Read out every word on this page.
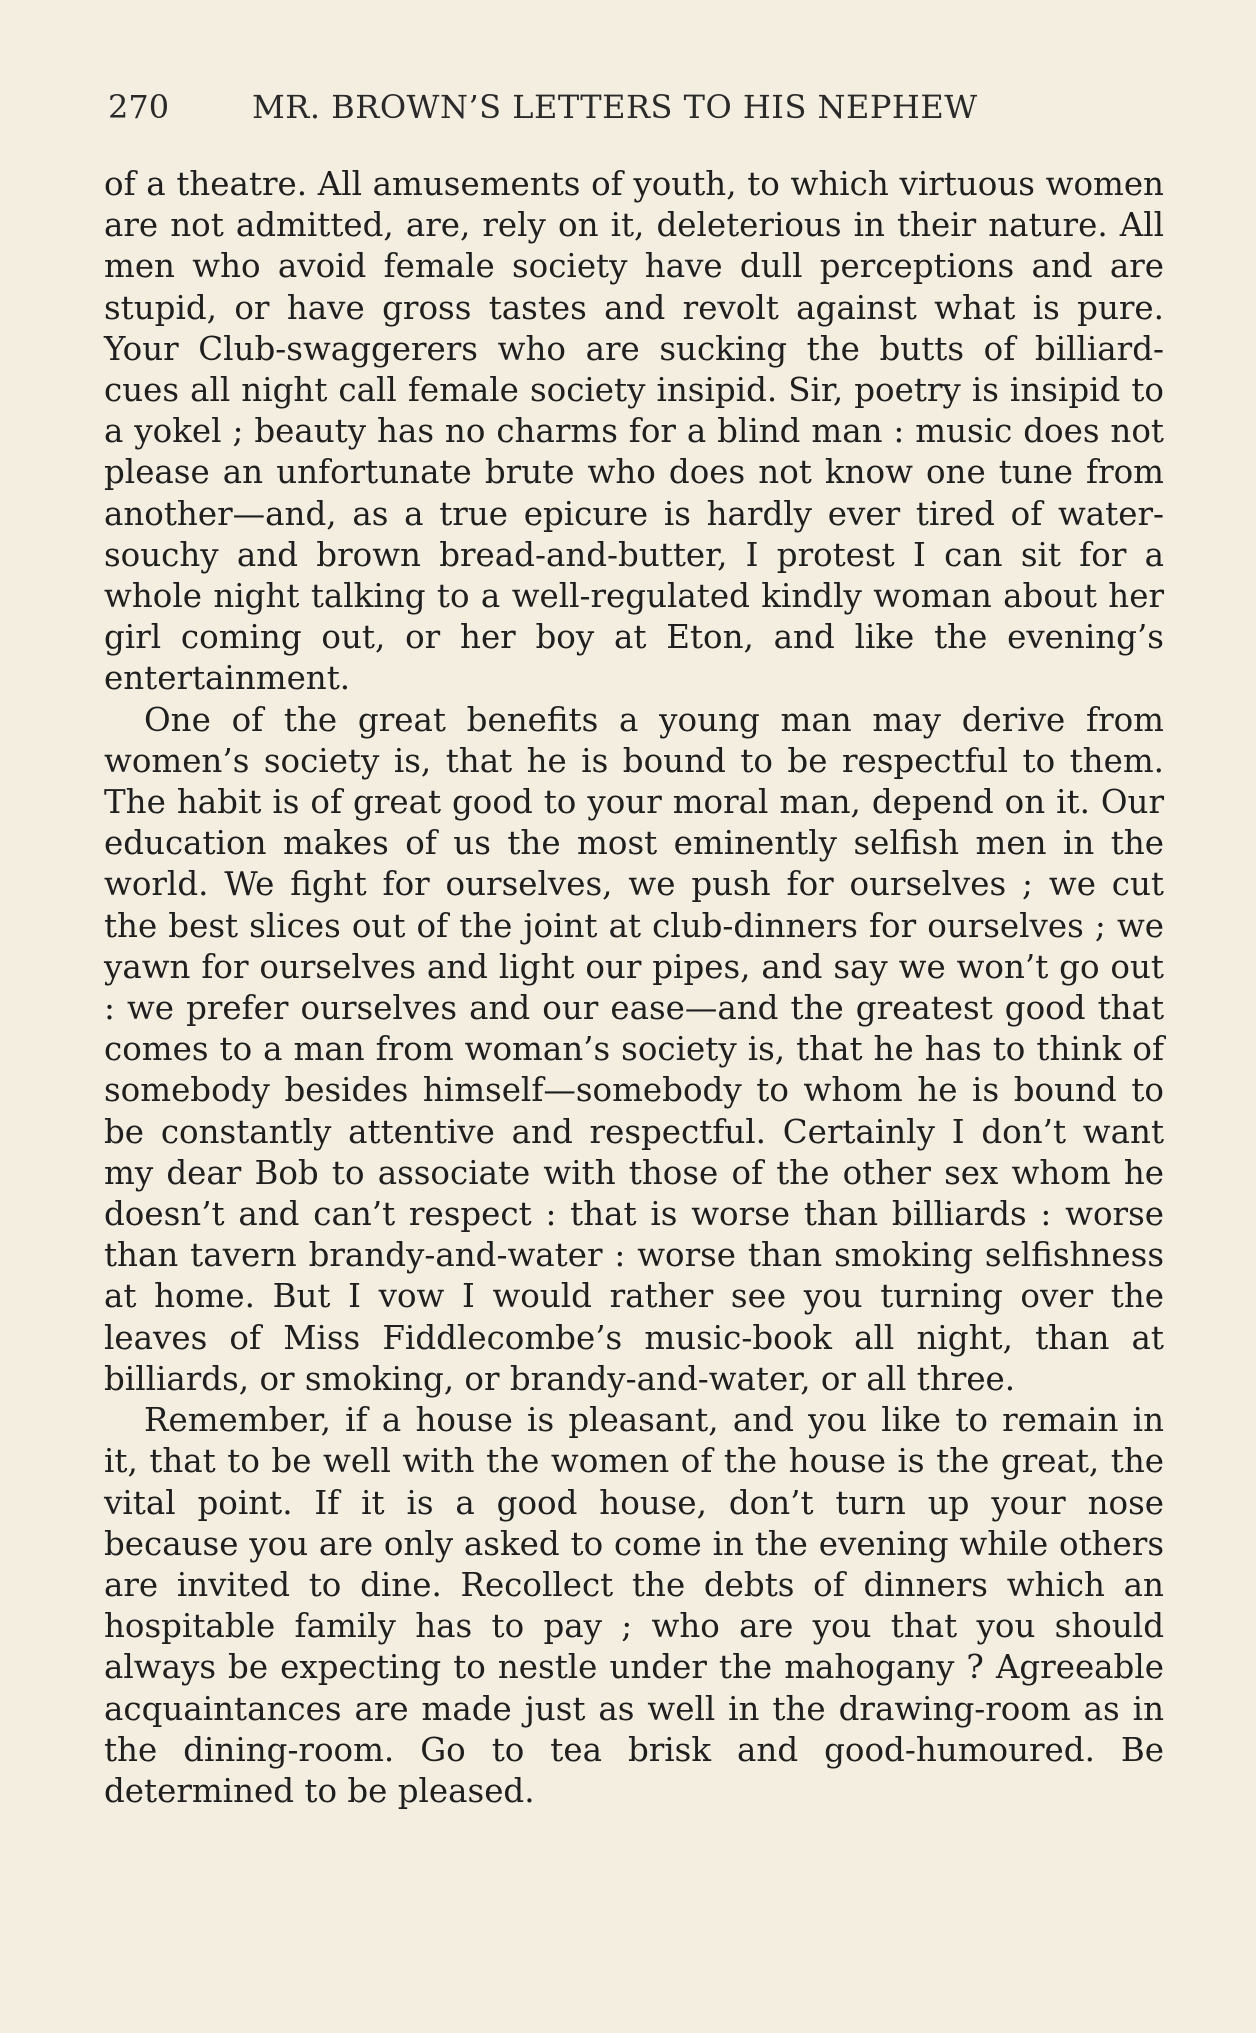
270	MR. BROWN’S LETTERS TO HIS NEPHEW

of a theatre. All amusements of youth, to which virtuous women are not admitted, are, rely on it, deleterious in their nature. All men who avoid female society have dull perceptions and are stupid, or have gross tastes and revolt against what is pure. Your Club-swaggerers who are sucking the butts of billiard-cues all night call female society insipid. Sir, poetry is insipid to a yokel ; beauty has no charms for a blind man : music does not please an unfortunate brute who does not know one tune from another—and, as a true epicure is hardly ever tired of water-souchy and brown bread-and-butter, I protest I can sit for a whole night talking to a well-regulated kindly woman about her girl coming out, or her boy at Eton, and like the evening’s entertainment.

One of the great benefits a young man may derive from women’s society is, that he is bound to be respectful to them. The habit is of great good to your moral man, depend on it. Our education makes of us the most eminently selfish men in the world. We fight for ourselves, we push for ourselves ; we cut the best slices out of the joint at club-dinners for ourselves ; we yawn for ourselves and light our pipes, and say we won’t go out : we prefer ourselves and our ease—and the greatest good that comes to a man from woman’s society is, that he has to think of somebody besides himself—somebody to whom he is bound to be constantly attentive and respectful. Certainly I don’t want my dear Bob to associate with those of the other sex whom he doesn’t and can’t respect : that is worse than billiards : worse than tavern brandy-and-water : worse than smoking selfishness at home. But I vow I would rather see you turning over the leaves of Miss Fiddlecombe’s music-book all night, than at billiards, or smoking, or brandy-and-water, or all three.

Remember, if a house is pleasant, and you like to remain in it, that to be well with the women of the house is the great, the vital point. If it is a good house, don’t turn up your nose because you are only asked to come in the evening while others are invited to dine. Recollect the debts of dinners which an hospitable family has to pay ; who are you that you should always be expecting to nestle under the mahogany ? Agreeable acquaintances are made just as well in the drawing-room as in the dining-room. Go to tea brisk and good-humoured. Be determined to be pleased.
